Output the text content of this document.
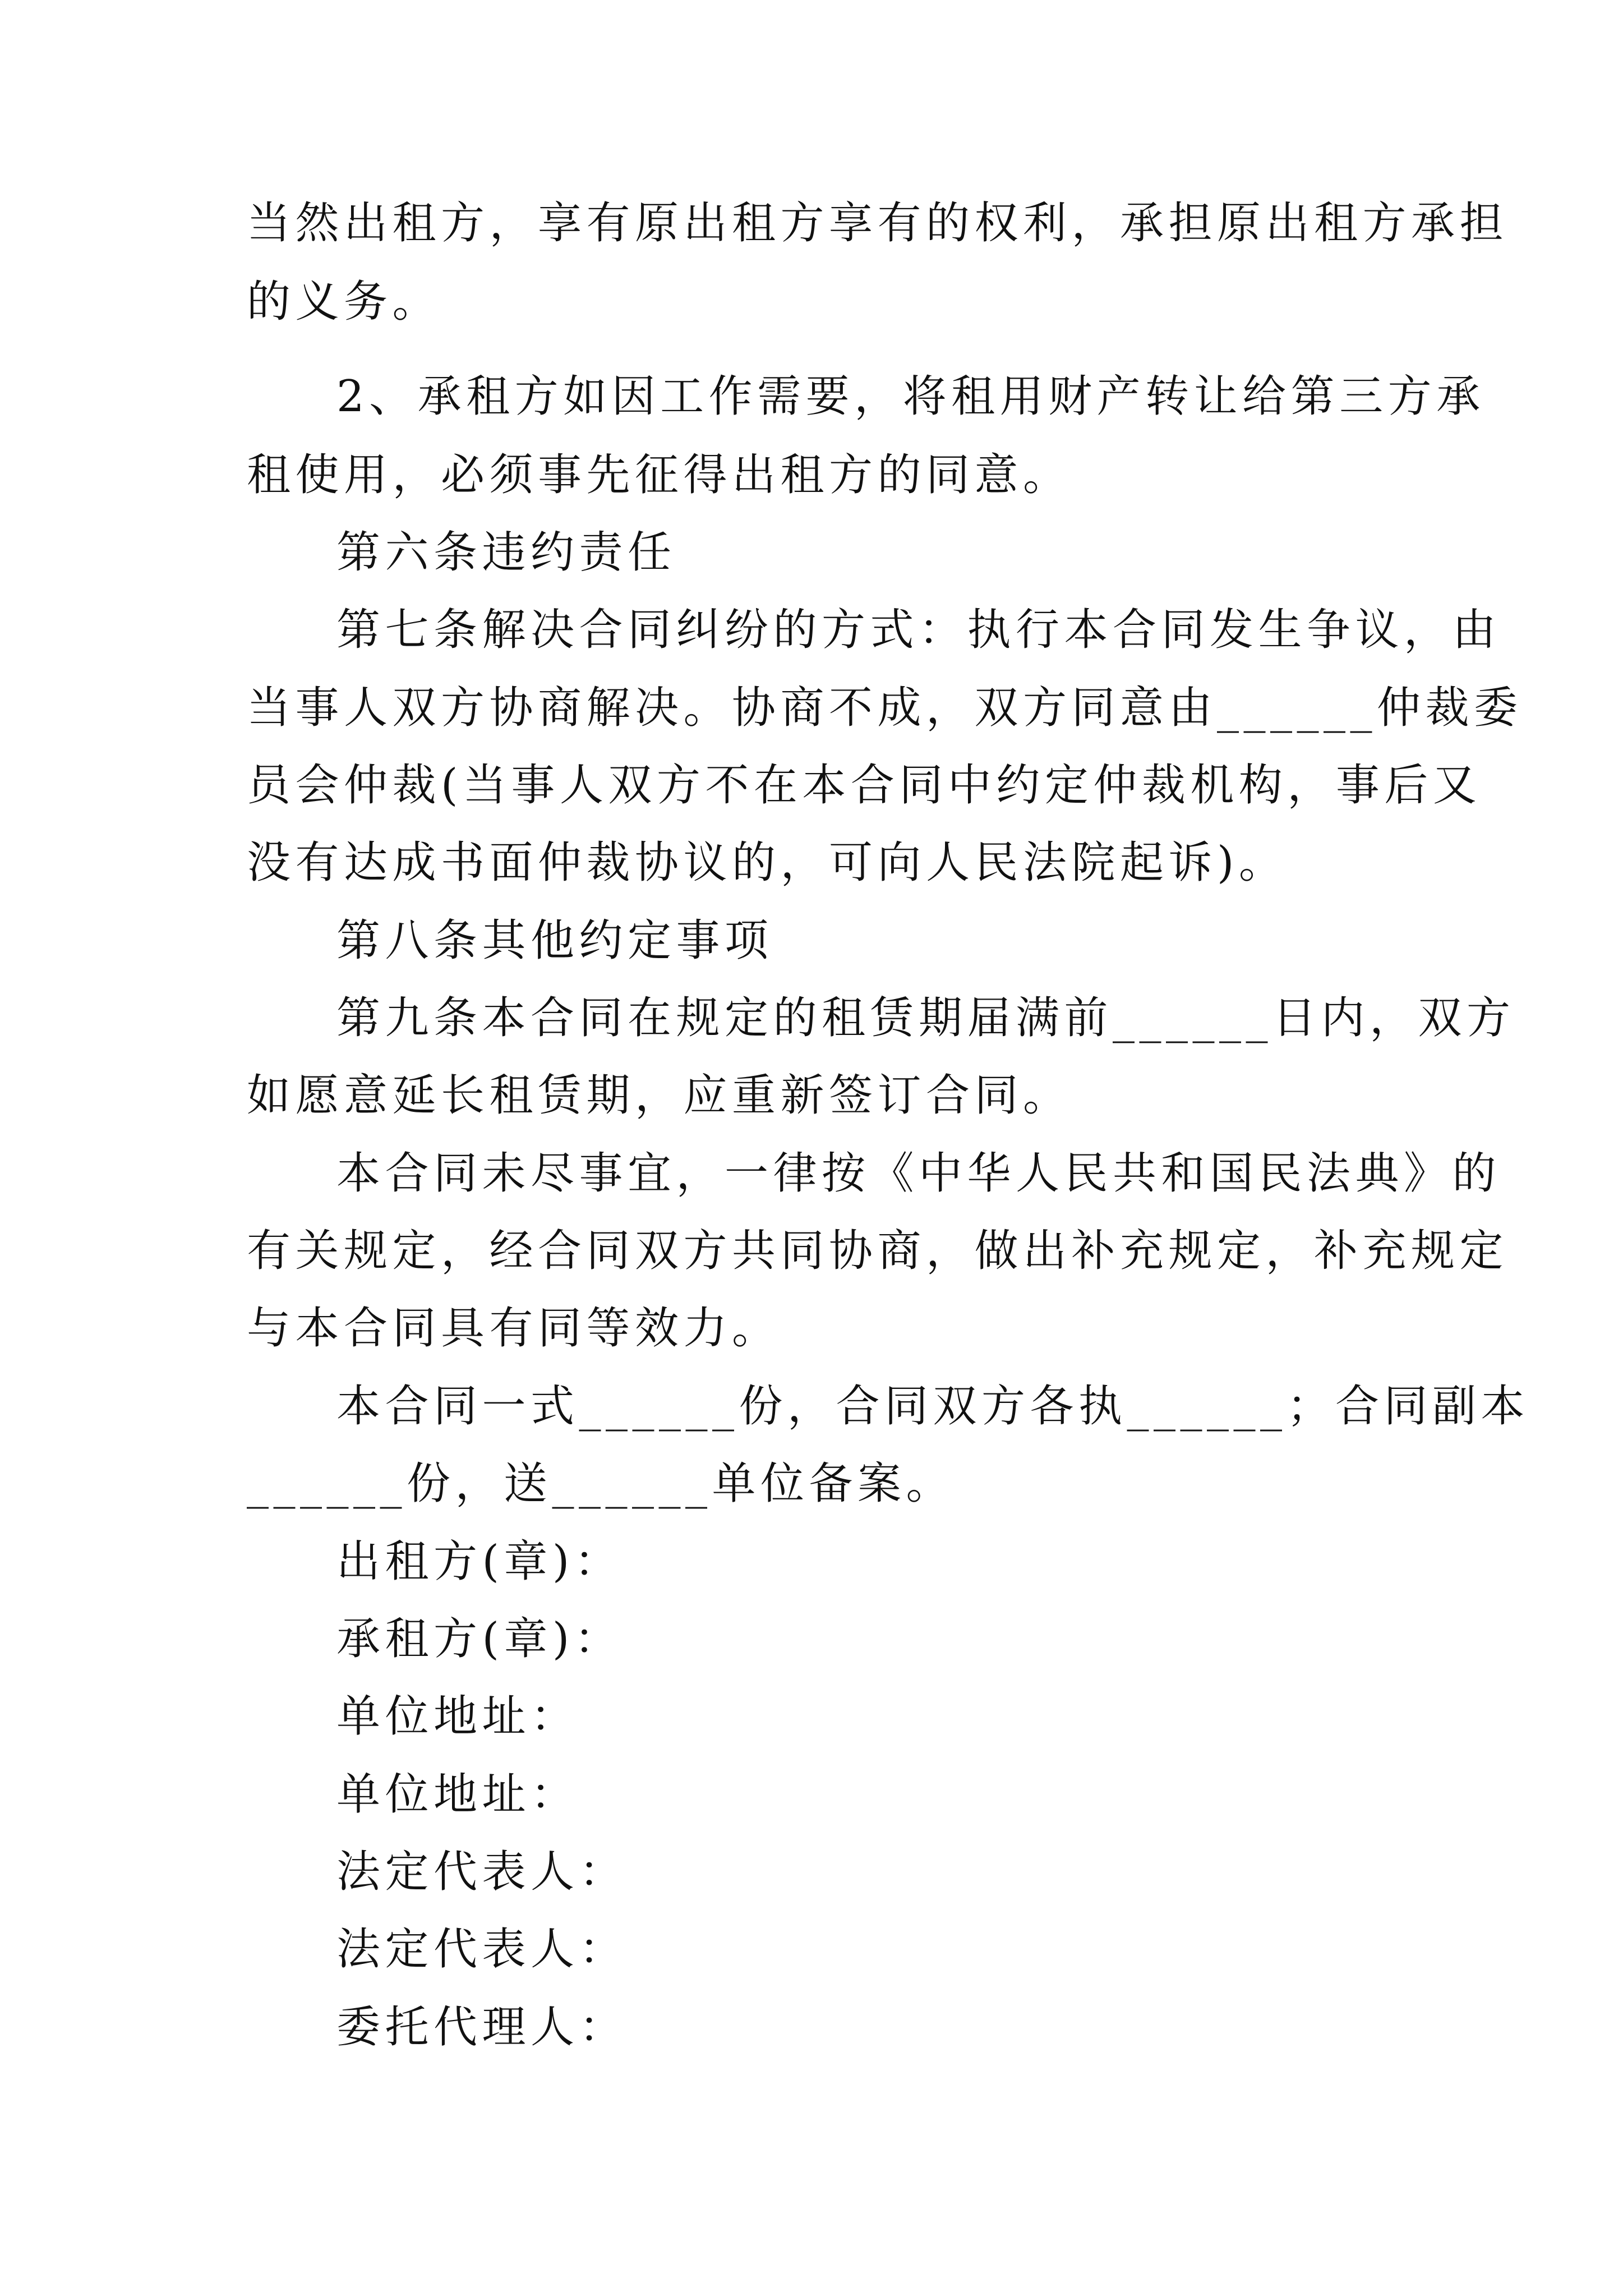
当然出租方，享有原出租方享有的权利，承担原出租方承担
的义务。
2、承租方如因工作需要，将租用财产转让给第三方承
租使用，必须事先征得出租方的同意。
第六条违约责任
第七条解决合同纠纷的方式：执行本合同发生争议，由
当事人双方协商解决。协商不成，双方同意由______仲裁委
员会仲裁(当事人双方不在本合同中约定仲裁机构，事后又
没有达成书面仲裁协议的，可向人民法院起诉)。
第八条其他约定事项
第九条本合同在规定的租赁期届满前______日内，双方
如愿意延长租赁期，应重新签订合同。
本合同未尽事宜，一律按《中华人民共和国民法典》的
有关规定，经合同双方共同协商，做出补充规定，补充规定
与本合同具有同等效力。
本合同一式______份，合同双方各执______；合同副本
______份，送______单位备案。
出租方(章)：
承租方(章)：
单位地址：
单位地址：
法定代表人：
法定代表人：
委托代理人：
